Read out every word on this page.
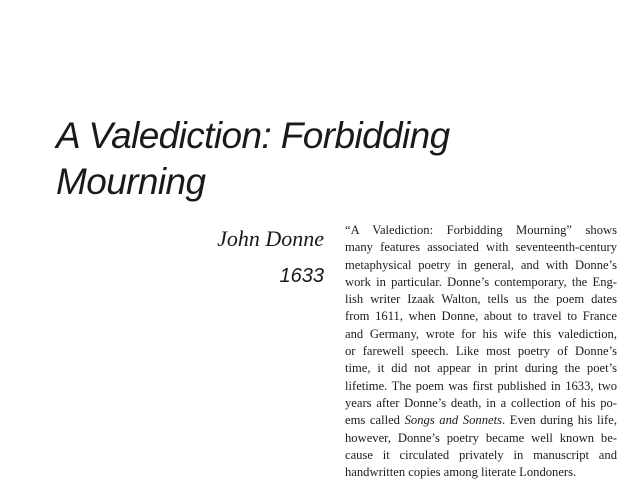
A Valediction: Forbidding
Mourning
John Donne
1633

“A Valediction: Forbidding Mourning” shows
many features associated with seventeenth-century
metaphysical poetry in general, and with Donne’s
work in particular. Donne’s contemporary, the Eng-
lish writer Izaak Walton, tells us the poem dates
from 1611, when Donne, about to travel to France
and Germany, wrote for his wife this valediction,
or farewell speech. Like most poetry of Donne’s
time, it did not appear in print during the poet’s
lifetime. The poem was first published in 1633, two
years after Donne’s death, in a collection of his po-
ems called Songs and Sonnets. Even during his life,
however, Donne’s poetry became well known be-
cause it circulated privately in manuscript and
handwritten copies among literate Londoners.
